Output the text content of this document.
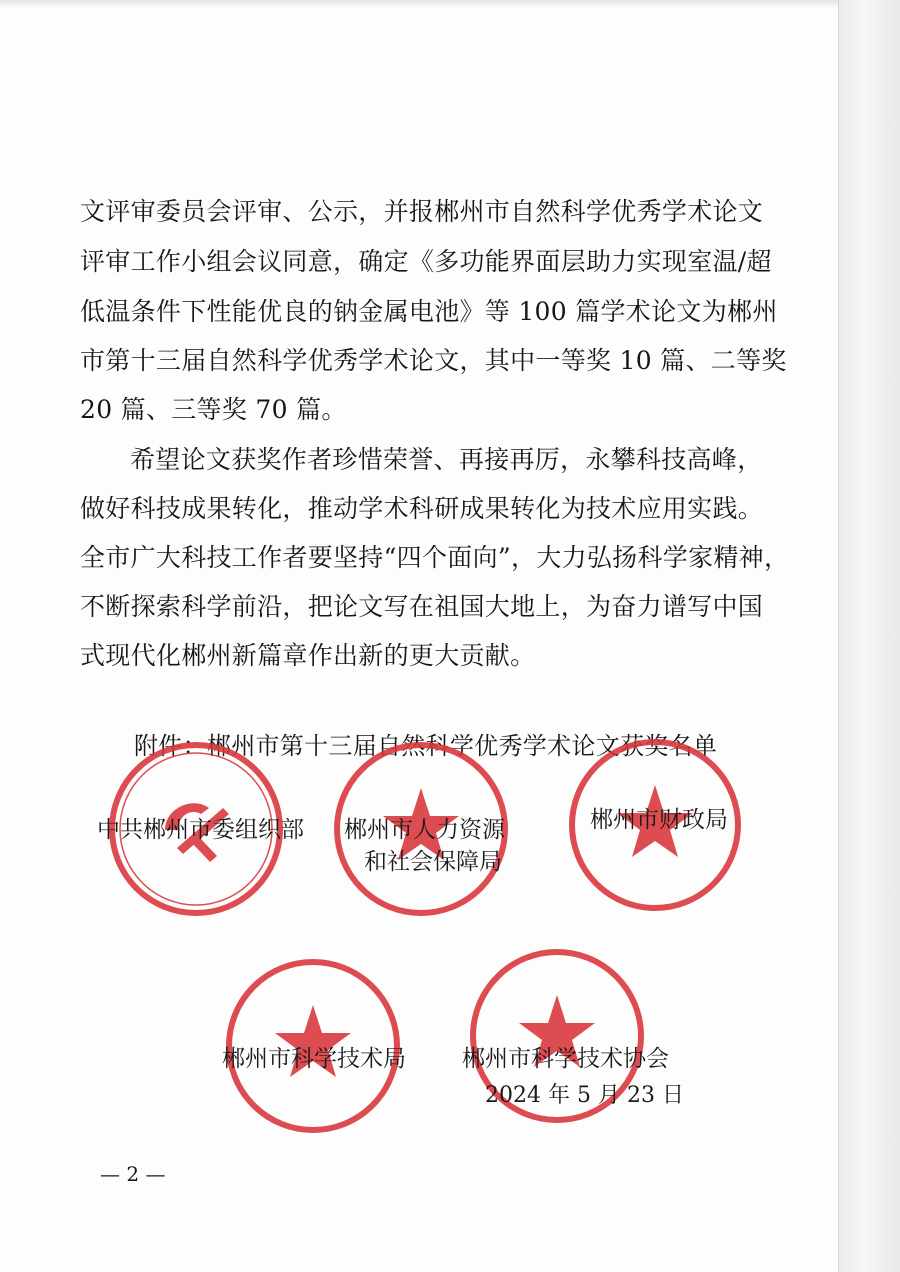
文评审委员会评审、公示，并报郴州市自然科学优秀学术论文
评审工作小组会议同意，确定《多功能界面层助力实现室温/超
低温条件下性能优良的钠金属电池》等 100 篇学术论文为郴州
市第十三届自然科学优秀学术论文，其中一等奖 10 篇、二等奖
20 篇、三等奖 70 篇。
希望论文获奖作者珍惜荣誉、再接再厉，永攀科技高峰，
做好科技成果转化，推动学术科研成果转化为技术应用实践。
全市广大科技工作者要坚持“四个面向”，大力弘扬科学家精神，
不断探索科学前沿，把论文写在祖国大地上，为奋力谱写中国
式现代化郴州新篇章作出新的更大贡献。
附件：郴州市第十三届自然科学优秀学术论文获奖名单
中共郴州市委组织部 郴州市人力资源
和社会保障局
郴州市财政局
郴州市科学技术局 郴州市科学技术协会
2024 年 5 月 23 日
— 2 —
